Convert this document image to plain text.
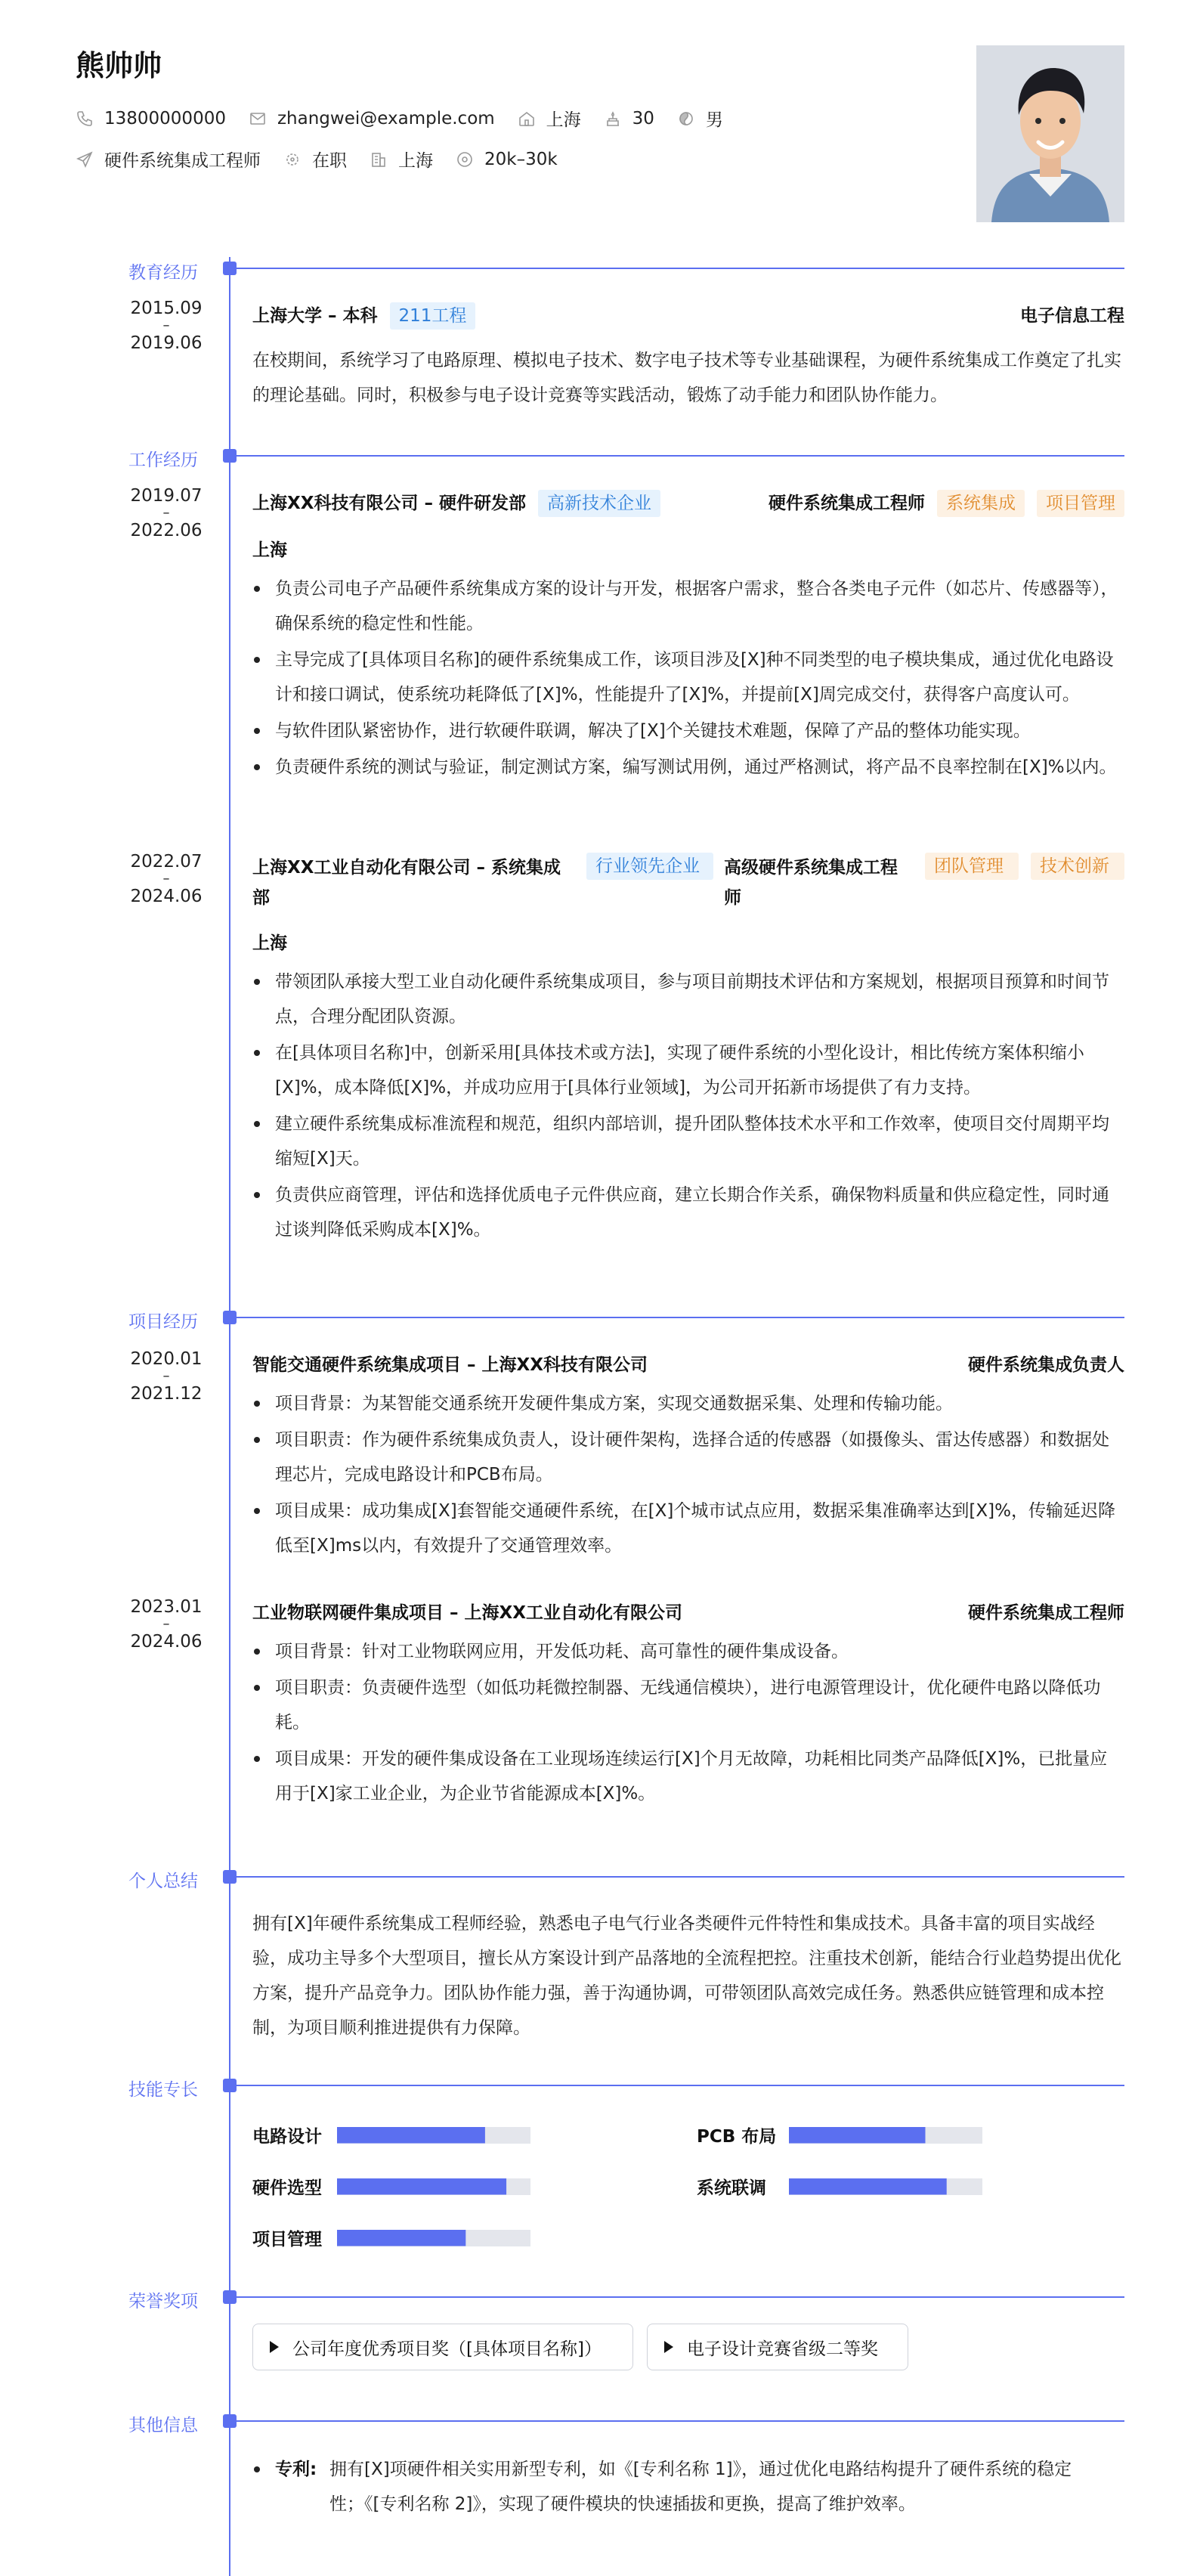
熊帅帅
13800000000	zhangwei@example.com	上海	30	男
硬件系统集成工程师	在职	上海	20k–30k
教育经历
2015.09
–
2019.06
上海大学 – 本科	211工程	电子信息工程
在校期间，系统学习了电路原理、模拟电子技术、数字电子技术等专业基础课程，为硬件系统集成工作奠定了扎实的理论基础。同时，积极参与电子设计竞赛等实践活动，锻炼了动手能力和团队协作能力。
工作经历
2019.07
–
2022.06
上海XX科技有限公司 – 硬件研发部	高新技术企业	硬件系统集成工程师	系统集成	项目管理
上海
负责公司电子产品硬件系统集成方案的设计与开发，根据客户需求，整合各类电子元件（如芯片、传感器等），确保系统的稳定性和性能。
主导完成了[具体项目名称]的硬件系统集成工作，该项目涉及[X]种不同类型的电子模块集成，通过优化电路设计和接口调试，使系统功耗降低了[X]%，性能提升了[X]%，并提前[X]周完成交付，获得客户高度认可。
与软件团队紧密协作，进行软硬件联调，解决了[X]个关键技术难题，保障了产品的整体功能实现。
负责硬件系统的测试与验证，制定测试方案，编写测试用例，通过严格测试，将产品不良率控制在[X]%以内。
2022.07
–
2024.06
上海XX工业自动化有限公司 – 系统集成部
行业领先企业	高级硬件系统集成工程师
团队管理	技术创新
上海
带领团队承接大型工业自动化硬件系统集成项目，参与项目前期技术评估和方案规划，根据项目预算和时间节点，合理分配团队资源。
在[具体项目名称]中，创新采用[具体技术或方法]，实现了硬件系统的小型化设计，相比传统方案体积缩小[X]%，成本降低[X]%，并成功应用于[具体行业领域]，为公司开拓新市场提供了有力支持。
建立硬件系统集成标准流程和规范，组织内部培训，提升团队整体技术水平和工作效率，使项目交付周期平均缩短[X]天。
负责供应商管理，评估和选择优质电子元件供应商，建立长期合作关系，确保物料质量和供应稳定性，同时通过谈判降低采购成本[X]%。
项目经历
2020.01
–
2021.12
智能交通硬件系统集成项目 – 上海XX科技有限公司	硬件系统集成负责人
项目背景：为某智能交通系统开发硬件集成方案，实现交通数据采集、处理和传输功能。
项目职责：作为硬件系统集成负责人，设计硬件架构，选择合适的传感器（如摄像头、雷达传感器）和数据处理芯片，完成电路设计和PCB布局。
项目成果：成功集成[X]套智能交通硬件系统，在[X]个城市试点应用，数据采集准确率达到[X]%，传输延迟降低至[X]ms以内，有效提升了交通管理效率。
2023.01
–
2024.06
工业物联网硬件集成项目 – 上海XX工业自动化有限公司	硬件系统集成工程师
项目背景：针对工业物联网应用，开发低功耗、高可靠性的硬件集成设备。
项目职责：负责硬件选型（如低功耗微控制器、无线通信模块），进行电源管理设计，优化硬件电路以降低功耗。
项目成果：开发的硬件集成设备在工业现场连续运行[X]个月无故障，功耗相比同类产品降低[X]%，已批量应用于[X]家工业企业，为企业节省能源成本[X]%。
个人总结
拥有[X]年硬件系统集成工程师经验，熟悉电子电气行业各类硬件元件特性和集成技术。具备丰富的项目实战经验，成功主导多个大型项目，擅长从方案设计到产品落地的全流程把控。注重技术创新，能结合行业趋势提出优化方案，提升产品竞争力。团队协作能力强，善于沟通协调，可带领团队高效完成任务。熟悉供应链管理和成本控制，为项目顺利推进提供有力保障。
技能专长
电路设计	PCB 布局
硬件选型	系统联调
项目管理
荣誉奖项
公司年度优秀项目奖（[具体项目名称]）	电子设计竞赛省级二等奖
其他信息
专利: 拥有[X]项硬件相关实用新型专利，如《[专利名称 1]》，通过优化电路结构提升了硬件系统的稳定性；《[专利名称 2]》，实现了硬件模块的快速插拔和更换，提高了维护效率。
